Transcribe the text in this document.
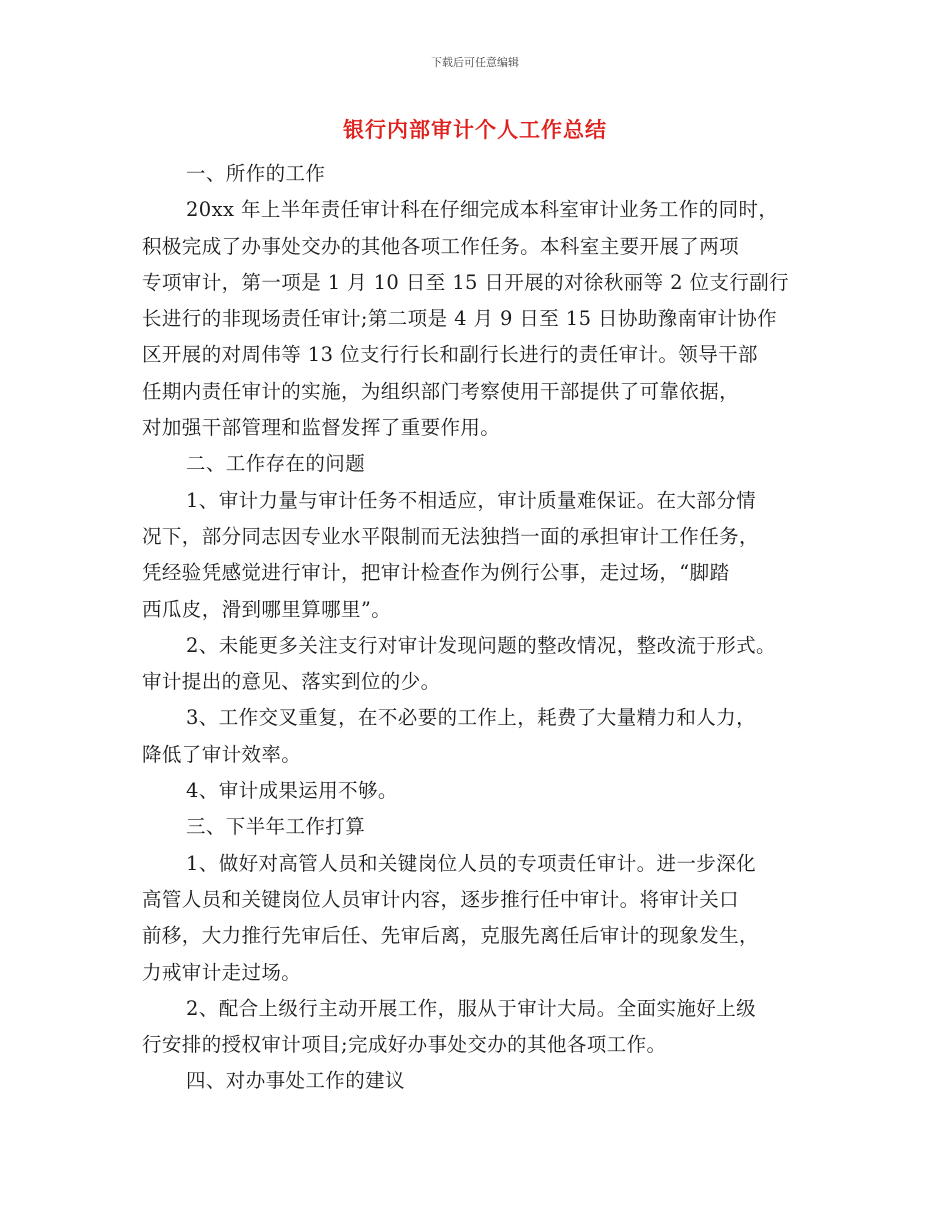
下载后可任意编辑
银行内部审计个人工作总结
一、所作的工作
20xx 年上半年责任审计科在仔细完成本科室审计业务工作的同时，
积极完成了办事处交办的其他各项工作任务。本科室主要开展了两项
专项审计，第一项是 1 月 10 日至 15 日开展的对徐秋丽等 2 位支行副行
长进行的非现场责任审计;第二项是 4 月 9 日至 15 日协助豫南审计协作
区开展的对周伟等 13 位支行行长和副行长进行的责任审计。领导干部
任期内责任审计的实施，为组织部门考察使用干部提供了可靠依据，
对加强干部管理和监督发挥了重要作用。
二、工作存在的问题
1、审计力量与审计任务不相适应，审计质量难保证。在大部分情
况下，部分同志因专业水平限制而无法独挡一面的承担审计工作任务，
凭经验凭感觉进行审计，把审计检查作为例行公事，走过场，“脚踏
西瓜皮，滑到哪里算哪里”。
2、未能更多关注支行对审计发现问题的整改情况，整改流于形式。
审计提出的意见、落实到位的少。
3、工作交叉重复，在不必要的工作上，耗费了大量精力和人力，
降低了审计效率。
4、审计成果运用不够。
三、下半年工作打算
1、做好对高管人员和关键岗位人员的专项责任审计。进一步深化
高管人员和关键岗位人员审计内容，逐步推行任中审计。将审计关口
前移，大力推行先审后任、先审后离，克服先离任后审计的现象发生，
力戒审计走过场。
2、配合上级行主动开展工作，服从于审计大局。全面实施好上级
行安排的授权审计项目;完成好办事处交办的其他各项工作。
四、对办事处工作的建议
